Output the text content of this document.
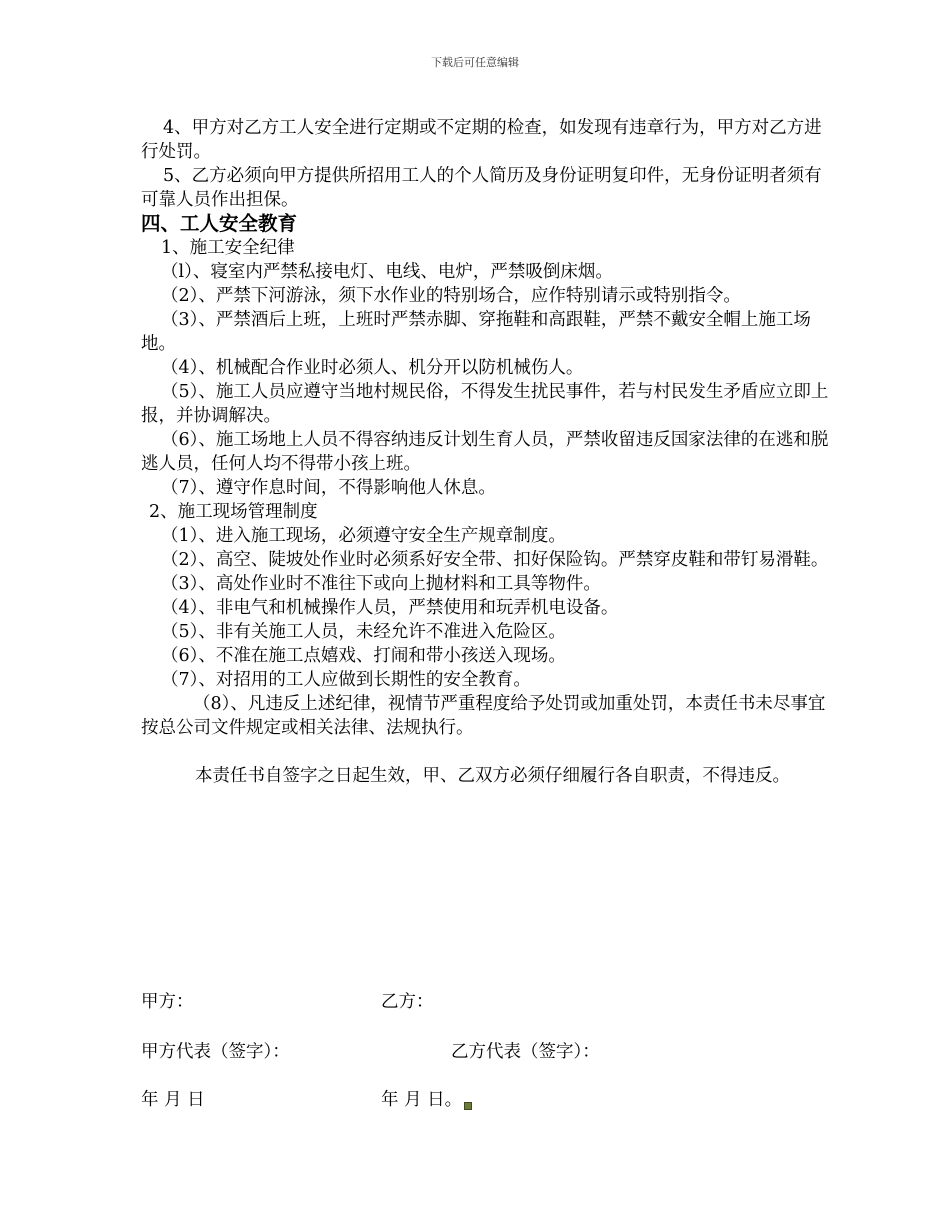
下载后可任意编辑

4、甲方对乙方工人安全进行定期或不定期的检查，如发现有违章行为，甲方对乙方进行处罚。

5、乙方必须向甲方提供所招用工人的个人简历及身份证明复印件，无身份证明者须有可靠人员作出担保。

四、工人安全教育

1、施工安全纪律

（l）、寝室内严禁私接电灯、电线、电炉，严禁吸倒床烟。

（2）、严禁下河游泳，须下水作业的特别场合，应作特别请示或特别指令。

（3）、严禁酒后上班，上班时严禁赤脚、穿拖鞋和高跟鞋，严禁不戴安全帽上施工场地。

（4）、机械配合作业时必须人、机分开以防机械伤人。

（5）、施工人员应遵守当地村规民俗，不得发生扰民事件，若与村民发生矛盾应立即上报，并协调解决。

（6）、施工场地上人员不得容纳违反计划生育人员，严禁收留违反国家法律的在逃和脱逃人员，任何人均不得带小孩上班。

（7）、遵守作息时间，不得影响他人休息。

2、施工现场管理制度

（1）、进入施工现场，必须遵守安全生产规章制度。

（2）、高空、陡坡处作业时必须系好安全带、扣好保险钩。严禁穿皮鞋和带钉易滑鞋。

（3）、高处作业时不准往下或向上抛材料和工具等物件。

（4）、非电气和机械操作人员，严禁使用和玩弄机电设备。

（5）、非有关施工人员，未经允许不准进入危险区。

（6）、不准在施工点嬉戏、打闹和带小孩送入现场。

（7）、对招用的工人应做到长期性的安全教育。

（8）、凡违反上述纪律，视情节严重程度给予处罚或加重处罚，本责任书未尽事宜按总公司文件规定或相关法律、法规执行。

本责任书自签字之日起生效，甲、乙双方必须仔细履行各自职责，不得违反。

甲方：	乙方：
甲方代表（签字）：	乙方代表（签字）：
年 月 日	年 月 日。
